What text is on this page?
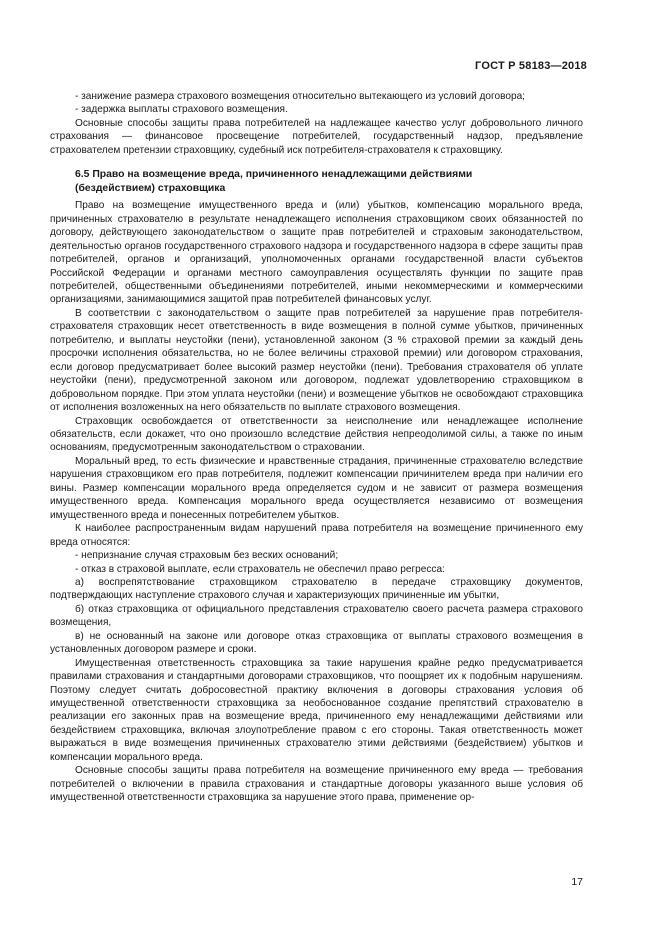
ГОСТ Р 58183—2018

- занижение размера страхового возмещения относительно вытекающего из условий договора;

- задержка выплаты страхового возмещения.

Основные способы защиты права потребителей на надлежащее качество услуг добровольного личного страхования — финансовое просвещение потребителей, государственный надзор, предъявление страхователем претензии страховщику, судебный иск потребителя-страхователя к страховщику.

6.5 Право на возмещение вреда, причиненного ненадлежащими действиями
(бездействием) страховщика

Право на возмещение имущественного вреда и (или) убытков, компенсацию морального вреда, причиненных страхователю в результате ненадлежащего исполнения страховщиком своих обязанностей по договору, действующего законодательством о защите прав потребителей и страховым законодательством, деятельностью органов государственного страхового надзора и государственного надзора в сфере защиты прав потребителей, органов и организаций, уполномоченных органами государственной власти субъектов Российской Федерации и органами местного самоуправления осуществлять функции по защите прав потребителей, общественными объединениями потребителей, иными некоммерческими и коммерческими организациями, занимающимися защитой прав потребителей финансовых услуг.

В соответствии с законодательством о защите прав потребителей за нарушение прав потребителя-страхователя страховщик несет ответственность в виде возмещения в полной сумме убытков, причиненных потребителю, и выплаты неустойки (пени), установленной законом (3 % страховой премии за каждый день просрочки исполнения обязательства, но не более величины страховой премии) или договором страхования, если договор предусматривает более высокий размер неустойки (пени). Требования страхователя об уплате неустойки (пени), предусмотренной законом или договором, подлежат удовлетворению страховщиком в добровольном порядке. При этом уплата неустойки (пени) и возмещение убытков не освобождают страховщика от исполнения возложенных на него обязательств по выплате страхового возмещения.

Страховщик освобождается от ответственности за неисполнение или ненадлежащее исполнение обязательств, если докажет, что оно произошло вследствие действия непреодолимой силы, а также по иным основаниям, предусмотренным законодательством о страховании.

Моральный вред, то есть физические и нравственные страдания, причиненные страхователю вследствие нарушения страховщиком его прав потребителя, подлежит компенсации причинителем вреда при наличии его вины. Размер компенсации морального вреда определяется судом и не зависит от размера возмещения имущественного вреда. Компенсация морального вреда осуществляется независимо от возмещения имущественного вреда и понесенных потребителем убытков.

К наиболее распространенным видам нарушений права потребителя на возмещение причиненного ему вреда относятся:

- непризнание случая страховым без веских оснований;

- отказ в страховой выплате, если страхователь не обеспечил право регресса:

а) воспрепятствование страховщиком страхователю в передаче страховщику документов, подтверждающих наступление страхового случая и характеризующих причиненные им убытки,

б) отказ страховщика от официального представления страхователю своего расчета размера страхового возмещения,

в) не основанный на законе или договоре отказ страховщика от выплаты страхового возмещения в установленных договором размере и сроки.

Имущественная ответственность страховщика за такие нарушения крайне редко предусматривается правилами страхования и стандартными договорами страховщиков, что поощряет их к подобным нарушениям. Поэтому следует считать добросовестной практику включения в договоры страхования условия об имущественной ответственности страховщика за необоснованное создание препятствий страхователю в реализации его законных прав на возмещение вреда, причиненного ему ненадлежащими действиями или бездействием страховщика, включая злоупотребление правом с его стороны. Такая ответственность может выражаться в виде возмещения причиненных страхователю этими действиями (бездействием) убытков и компенсации морального вреда.

Основные способы защиты права потребителя на возмещение причиненного ему вреда — требования потребителей о включении в правила страхования и стандартные договоры указанного выше условия об имущественной ответственности страховщика за нарушение этого права, применение ор-

17
